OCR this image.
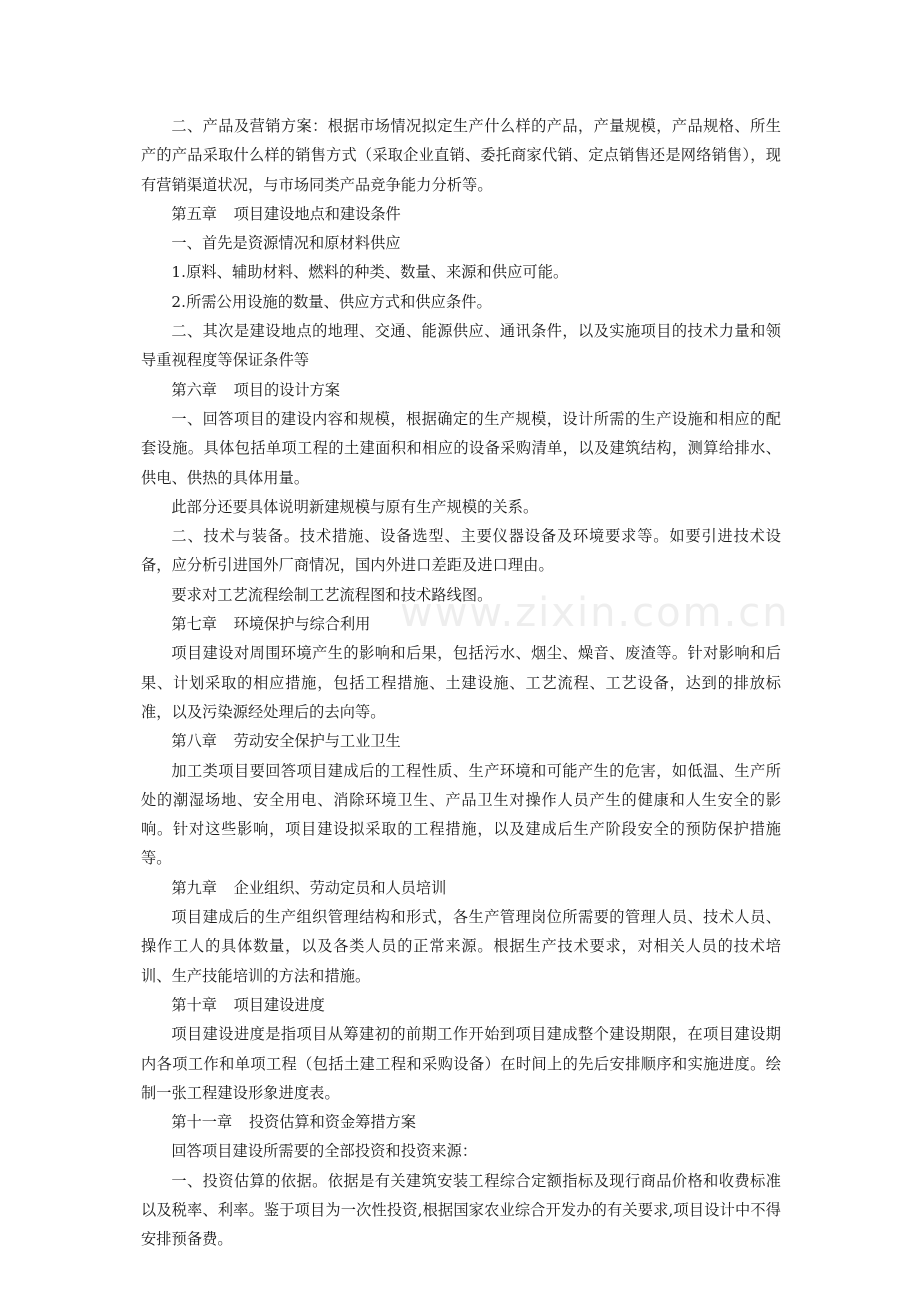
www.zixin.com.cn

二、产品及营销方案：根据市场情况拟定生产什么样的产品，产量规模，产品规格、所生产的产品采取什么样的销售方式（采取企业直销、委托商家代销、定点销售还是网络销售），现有营销渠道状况，与市场同类产品竞争能力分析等。

第五章 项目建设地点和建设条件

一、首先是资源情况和原材料供应

1.原料、辅助材料、燃料的种类、数量、来源和供应可能。

2.所需公用设施的数量、供应方式和供应条件。

二、其次是建设地点的地理、交通、能源供应、通讯条件，以及实施项目的技术力量和领导重视程度等保证条件等

第六章 项目的设计方案

一、回答项目的建设内容和规模，根据确定的生产规模，设计所需的生产设施和相应的配套设施。具体包括单项工程的土建面积和相应的设备采购清单，以及建筑结构，测算给排水、供电、供热的具体用量。

此部分还要具体说明新建规模与原有生产规模的关系。

二、技术与装备。技术措施、设备选型、主要仪器设备及环境要求等。如要引进技术设备，应分析引进国外厂商情况，国内外进口差距及进口理由。

要求对工艺流程绘制工艺流程图和技术路线图。

第七章 环境保护与综合利用

项目建设对周围环境产生的影响和后果，包括污水、烟尘、燥音、废渣等。针对影响和后果、计划采取的相应措施，包括工程措施、土建设施、工艺流程、工艺设备，达到的排放标准，以及污染源经处理后的去向等。

第八章 劳动安全保护与工业卫生

加工类项目要回答项目建成后的工程性质、生产环境和可能产生的危害，如低温、生产所处的潮湿场地、安全用电、消除环境卫生、产品卫生对操作人员产生的健康和人生安全的影响。针对这些影响，项目建设拟采取的工程措施，以及建成后生产阶段安全的预防保护措施等。

第九章 企业组织、劳动定员和人员培训

项目建成后的生产组织管理结构和形式，各生产管理岗位所需要的管理人员、技术人员、操作工人的具体数量，以及各类人员的正常来源。根据生产技术要求，对相关人员的技术培训、生产技能培训的方法和措施。

第十章 项目建设进度

项目建设进度是指项目从筹建初的前期工作开始到项目建成整个建设期限，在项目建设期内各项工作和单项工程（包括土建工程和采购设备）在时间上的先后安排顺序和实施进度。绘制一张工程建设形象进度表。

第十一章 投资估算和资金筹措方案

回答项目建设所需要的全部投资和投资来源：

一、投资估算的依据。依据是有关建筑安装工程综合定额指标及现行商品价格和收费标准以及税率、利率。鉴于项目为一次性投资,根据国家农业综合开发办的有关要求,项目设计中不得安排预备费。
